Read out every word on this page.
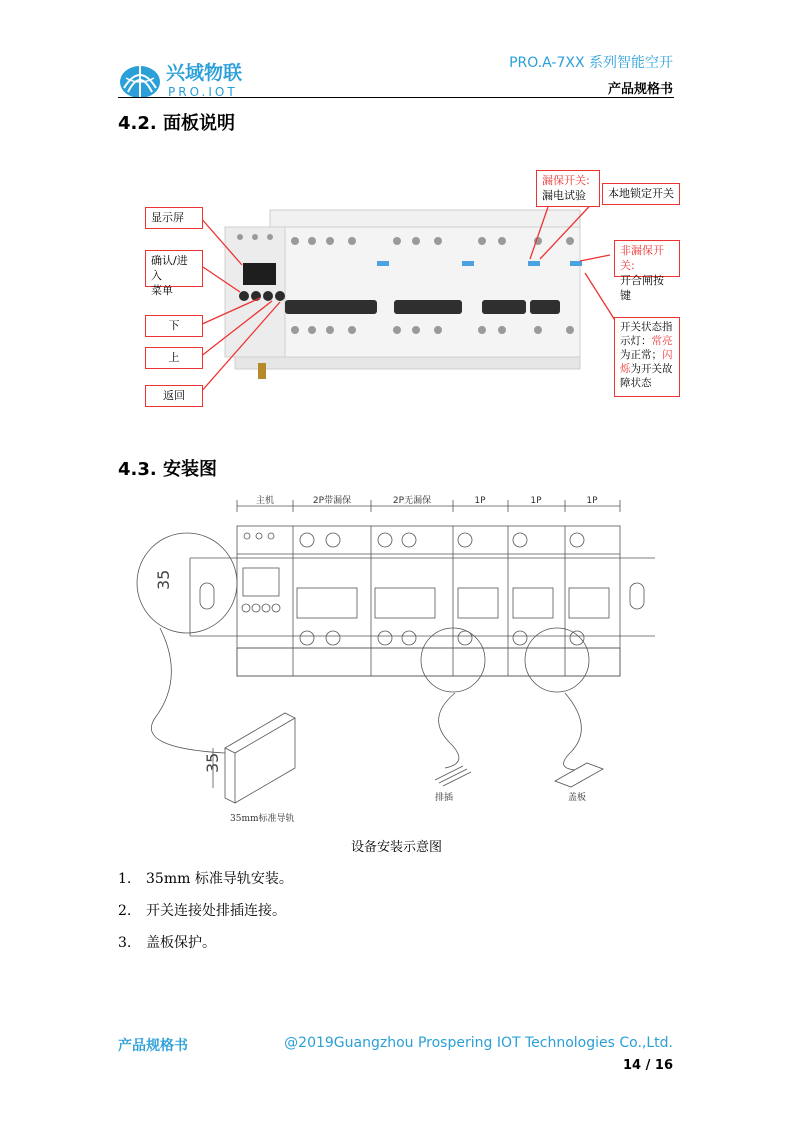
兴域物联
PRO.IOT
PRO.A-7XX 系列智能空开
产品规格书
4.2. 面板说明
显示屏
确认/进入
菜单
下
上
返回
漏保开关:
漏电试验	本地锁定开关
非漏保开关:
开合闸按键
开关状态指
示灯：常亮
为正常；闪
烁为开关故
障状态
4.3. 安装图
主机	2P带漏保	2P无漏保	1P	1P	1P
35
35
35mm标准导轨
排插	盖板
设备安装示意图
1. 35mm 标准导轨安装。
2. 开关连接处排插连接。
3. 盖板保护。
产品规格书	@2019Guangzhou Prospering IOT Technologies Co.,Ltd.
14 / 16
